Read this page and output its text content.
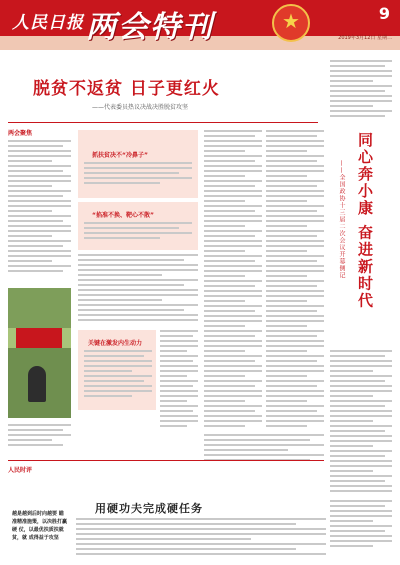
人民日报 两会特刊	★	9
2019年3月12日 星期二
脱贫不返贫 日子更红火
——代表委员热议决战决胜脱贫攻坚
两会聚焦
抓扶贫决不“冷鼻子”
“掐准不换、靶心不散”
关键在激发内生动力
同心奔小康 奋进新时代
——全国政协十三届二次会议开幕侧记
人民时评
用硬功夫完成硬任务
越是越到后时向越要 瞄准精准施策，以决胜打赢硬 仗，以最优扶质扶就贫，就 成得益于攻坚
